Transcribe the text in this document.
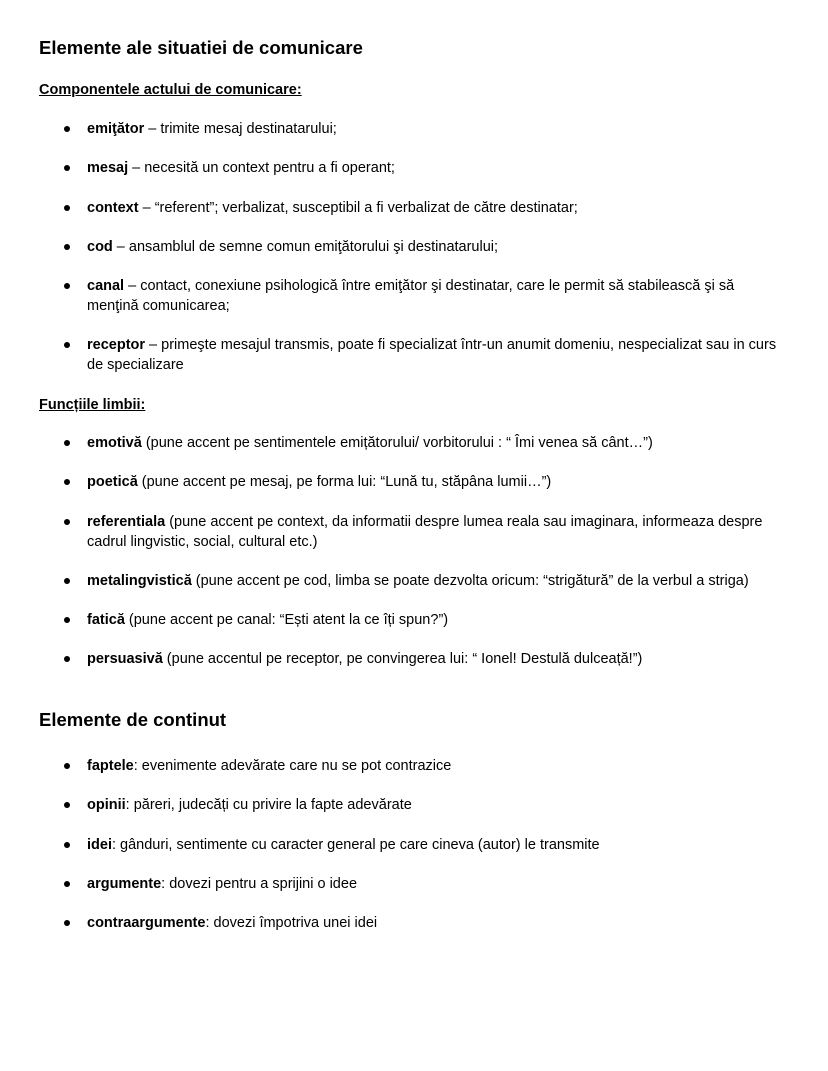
Elemente ale situatiei de comunicare
Componentele actului de comunicare:
emiţător – trimite mesaj destinatarului;
mesaj – necesită un context pentru a fi operant;
context – “referent”; verbalizat, susceptibil a fi verbalizat de către destinatar;
cod – ansamblul de semne comun emiţătorului şi destinatarului;
canal – contact, conexiune psihologică între emiţător şi destinatar, care le permit să stabilească şi să menţină comunicarea;
receptor – primeşte mesajul transmis, poate fi specializat într-un anumit domeniu, nespecializat sau in curs de specializare
Funcțiile limbii:
emotivă (pune accent pe sentimentele emițătorului/ vorbitorului : “ Îmi venea să cânt…”)
poetică (pune accent pe mesaj, pe forma lui: “Lună tu, stăpâna lumii…”)
referentiala (pune accent pe context, da informatii despre lumea reala sau imaginara, informeaza despre cadrul lingvistic, social, cultural etc.)
metalingvistică (pune accent pe cod, limba se poate dezvolta oricum: “strigătură” de la verbul a striga)
fatică (pune accent pe canal: “Ești atent la ce îți spun?”)
persuasivă (pune accentul pe receptor, pe convingerea lui: “ Ionel! Destulă dulceață!”)
Elemente de continut
faptele: evenimente adevărate care nu se pot contrazice
opinii: păreri, judecăți cu privire la fapte adevărate
idei: gânduri, sentimente cu caracter general pe care cineva (autor) le transmite
argumente: dovezi pentru a sprijini o idee
contraargumente: dovezi împotriva unei idei
